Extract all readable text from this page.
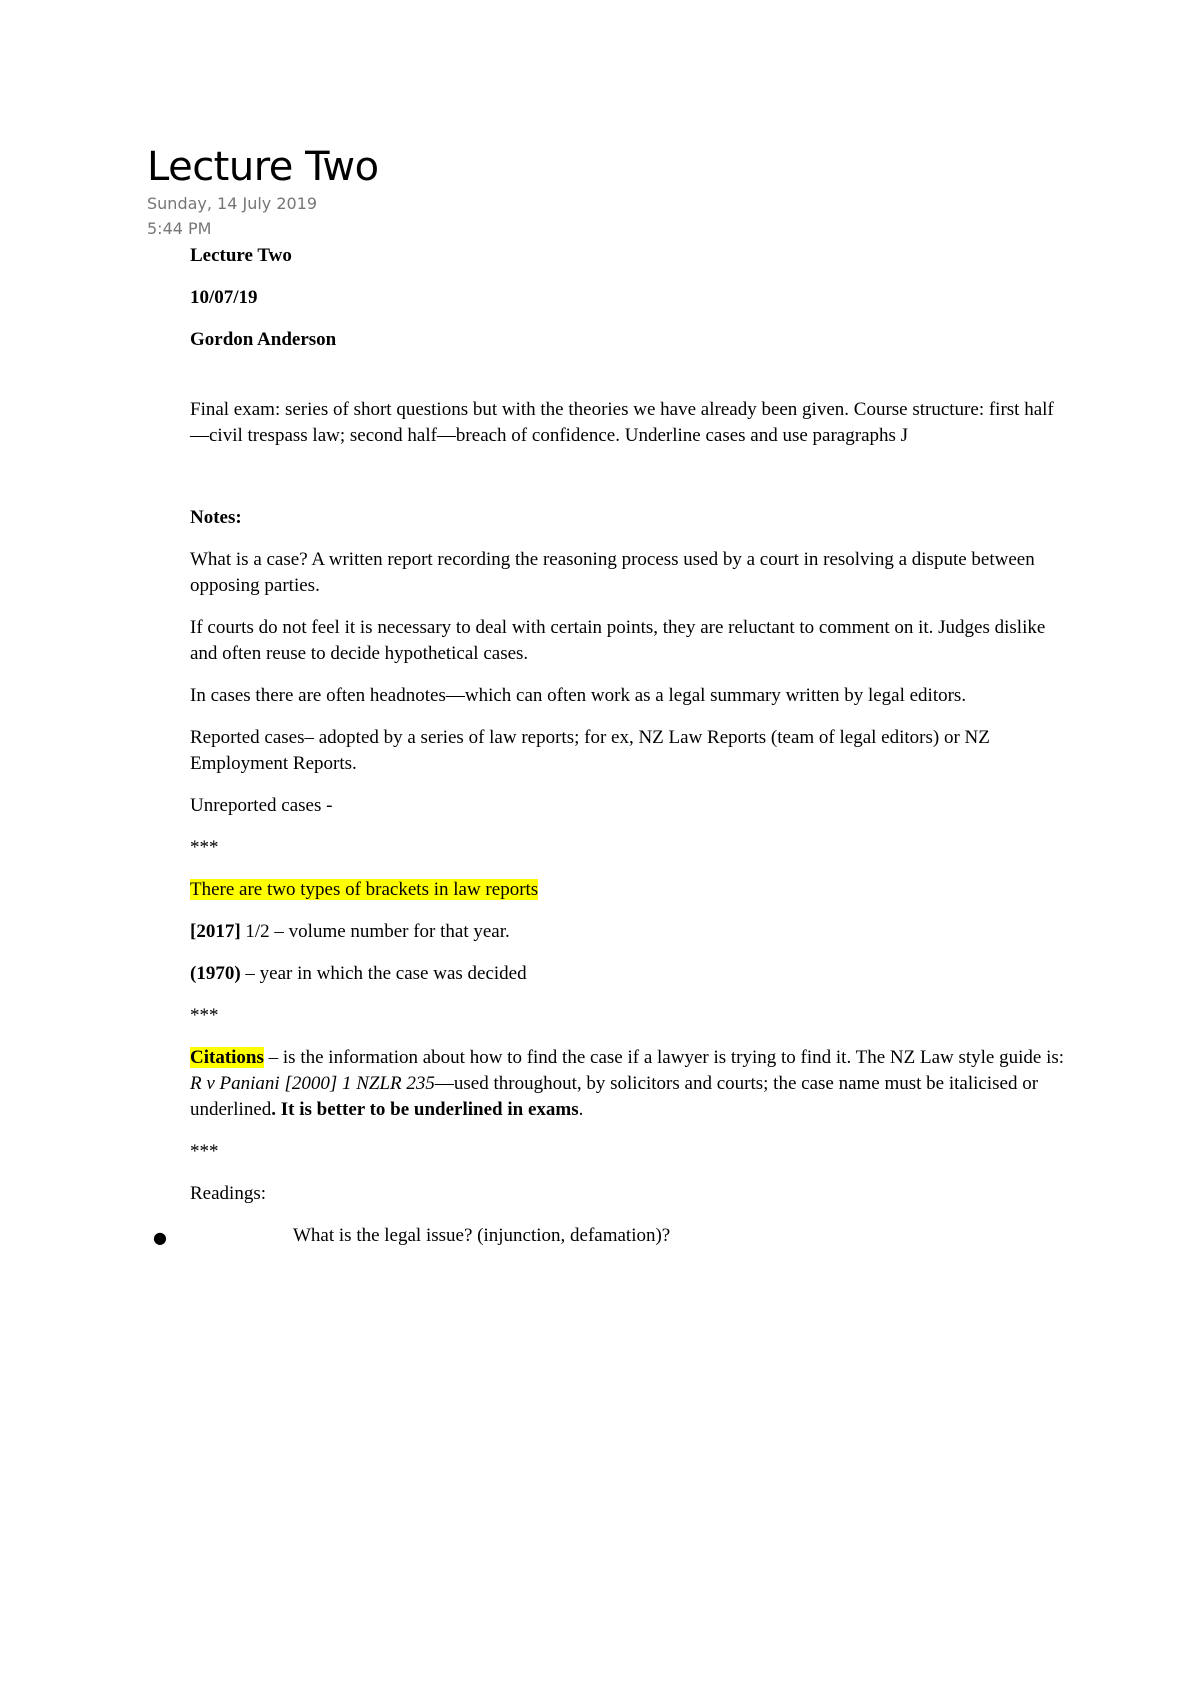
Lecture Two
Sunday, 14 July 2019
5:44 PM

Lecture Two

10/07/19

Gordon Anderson

Final exam: series of short questions but with the theories we have already been given. Course structure: first half—civil trespass law; second half—breach of confidence. Underline cases and use paragraphs J

Notes:

What is a case? A written report recording the reasoning process used by a court in resolving a dispute between opposing parties.

If courts do not feel it is necessary to deal with certain points, they are reluctant to comment on it. Judges dislike and often reuse to decide hypothetical cases.

In cases there are often headnotes—which can often work as a legal summary written by legal editors.

Reported cases– adopted by a series of law reports; for ex, NZ Law Reports (team of legal editors) or NZ Employment Reports.

Unreported cases -

***

There are two types of brackets in law reports

[2017] 1/2 – volume number for that year.

(1970) – year in which the case was decided

***

Citations – is the information about how to find the case if a lawyer is trying to find it. The NZ Law style guide is: R v Paniani [2000] 1 NZLR 235—used throughout, by solicitors and courts; the case name must be italicised or underlined. It is better to be underlined in exams.

***

Readings:

●	What is the legal issue? (injunction, defamation)?
